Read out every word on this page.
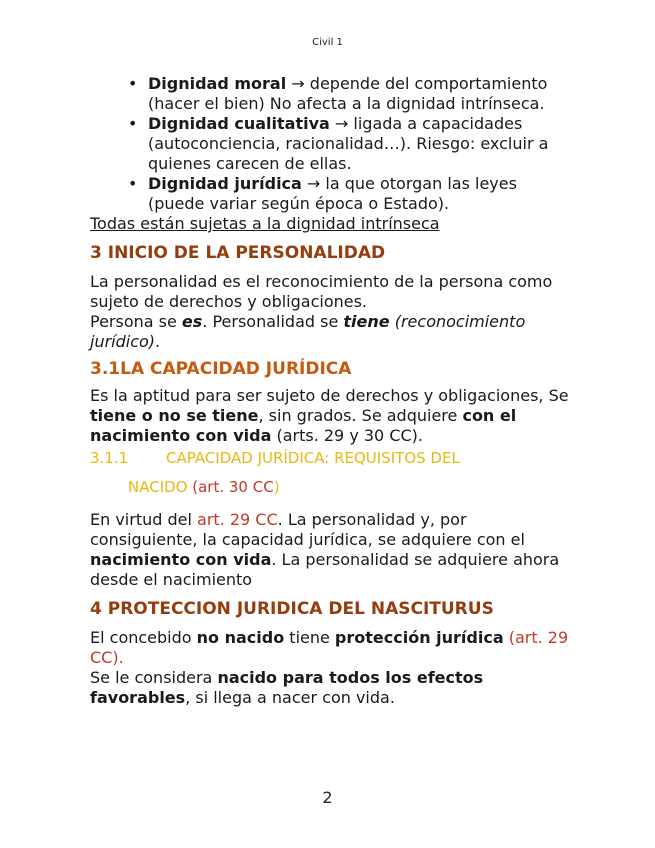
Civil 1
• Dignidad moral → depende del comportamiento (hacer el bien) No afecta a la dignidad intrínseca.
• Dignidad cualitativa → ligada a capacidades (autoconciencia, racionalidad…). Riesgo: excluir a quienes carecen de ellas.
• Dignidad jurídica → la que otorgan las leyes (puede variar según época o Estado).

Todas están sujetas a la dignidad intrínseca

3 INICIO DE LA PERSONALIDAD

La personalidad es el reconocimiento de la persona como sujeto de derechos y obligaciones.

Persona se es. Personalidad se tiene (reconocimiento jurídico).

3.1LA CAPACIDAD JURÍDICA

Es la aptitud para ser sujeto de derechos y obligaciones, Se tiene o no se tiene, sin grados. Se adquiere con el nacimiento con vida (arts. 29 y 30 CC).

3.1.1	CAPACIDAD JURÍDICA: REQUISITOS DEL
NACIDO (art. 30 CC)

En virtud del art. 29 CC. La personalidad y, por consiguiente, la capacidad jurídica, se adquiere con el nacimiento con vida. La personalidad se adquiere ahora desde el nacimiento

4 PROTECCION JURIDICA DEL NASCITURUS

El concebido no nacido tiene protección jurídica (art. 29 CC).

Se le considera nacido para todos los efectos favorables, si llega a nacer con vida.

2
